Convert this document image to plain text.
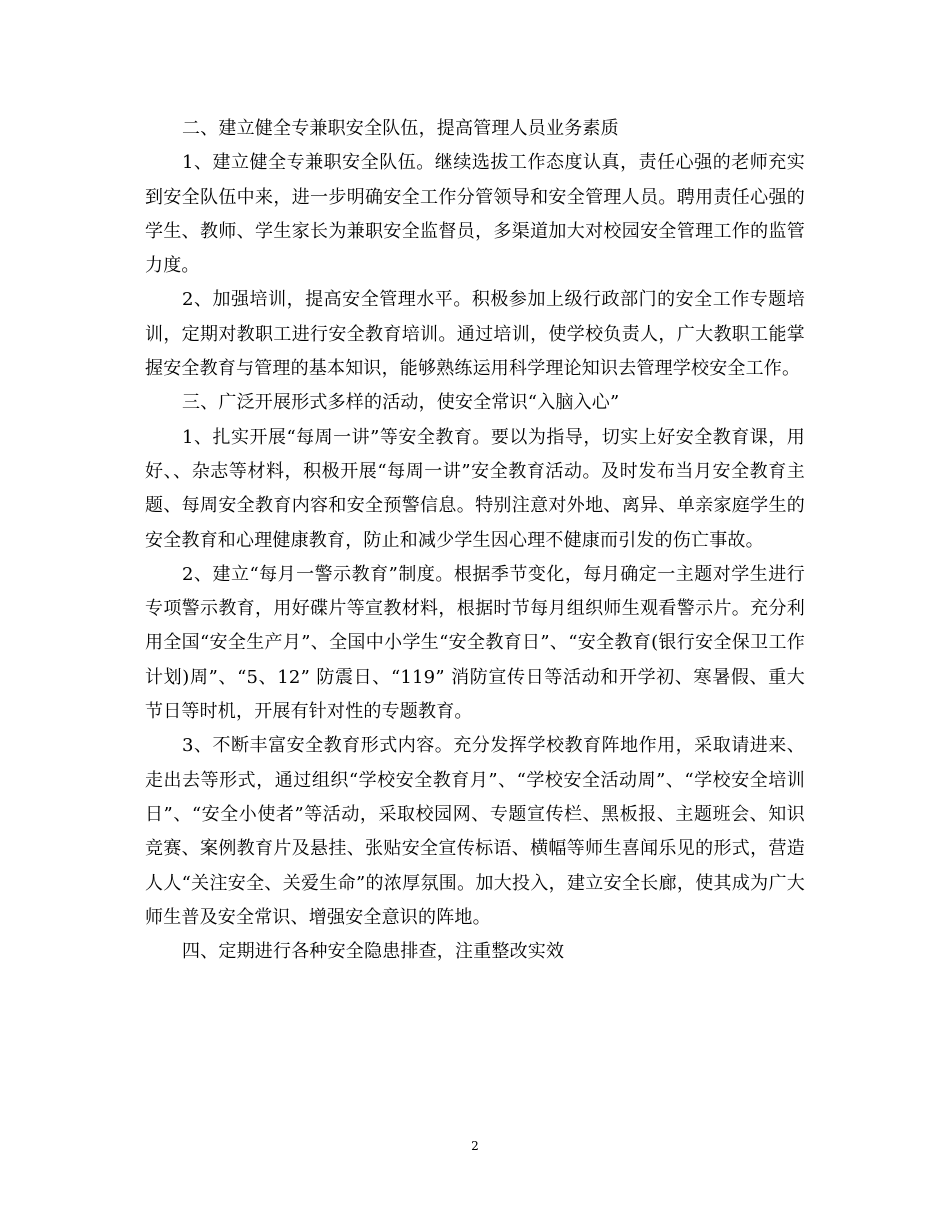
二、建立健全专兼职安全队伍，提高管理人员业务素质

1、建立健全专兼职安全队伍。继续选拔工作态度认真，责任心强的老师充实到安全队伍中来，进一步明确安全工作分管领导和安全管理人员。聘用责任心强的学生、教师、学生家长为兼职安全监督员，多渠道加大对校园安全管理工作的监管力度。

2、加强培训，提高安全管理水平。积极参加上级行政部门的安全工作专题培训，定期对教职工进行安全教育培训。通过培训，使学校负责人，广大教职工能掌握安全教育与管理的基本知识，能够熟练运用科学理论知识去管理学校安全工作。

三、广泛开展形式多样的活动，使安全常识“入脑入心”

1、扎实开展“每周一讲”等安全教育。要以为指导，切实上好安全教育课，用好、、杂志等材料，积极开展“每周一讲”安全教育活动。及时发布当月安全教育主题、每周安全教育内容和安全预警信息。特别注意对外地、离异、单亲家庭学生的安全教育和心理健康教育，防止和减少学生因心理不健康而引发的伤亡事故。

2、建立“每月一警示教育”制度。根据季节变化，每月确定一主题对学生进行专项警示教育，用好碟片等宣教材料，根据时节每月组织师生观看警示片。充分利用全国“安全生产月”、全国中小学生“安全教育日”、“安全教育(银行安全保卫工作计划)周”、“5、12” 防震日、“119” 消防宣传日等活动和开学初、寒暑假、重大节日等时机，开展有针对性的专题教育。

3、不断丰富安全教育形式内容。充分发挥学校教育阵地作用，采取请进来、走出去等形式，通过组织“学校安全教育月”、“学校安全活动周”、“学校安全培训日”、“安全小使者”等活动，采取校园网、专题宣传栏、黑板报、主题班会、知识竞赛、案例教育片及悬挂、张贴安全宣传标语、横幅等师生喜闻乐见的形式，营造人人“关注安全、关爱生命”的浓厚氛围。加大投入，建立安全长廊，使其成为广大师生普及安全常识、增强安全意识的阵地。

四、定期进行各种安全隐患排查，注重整改实效

2
